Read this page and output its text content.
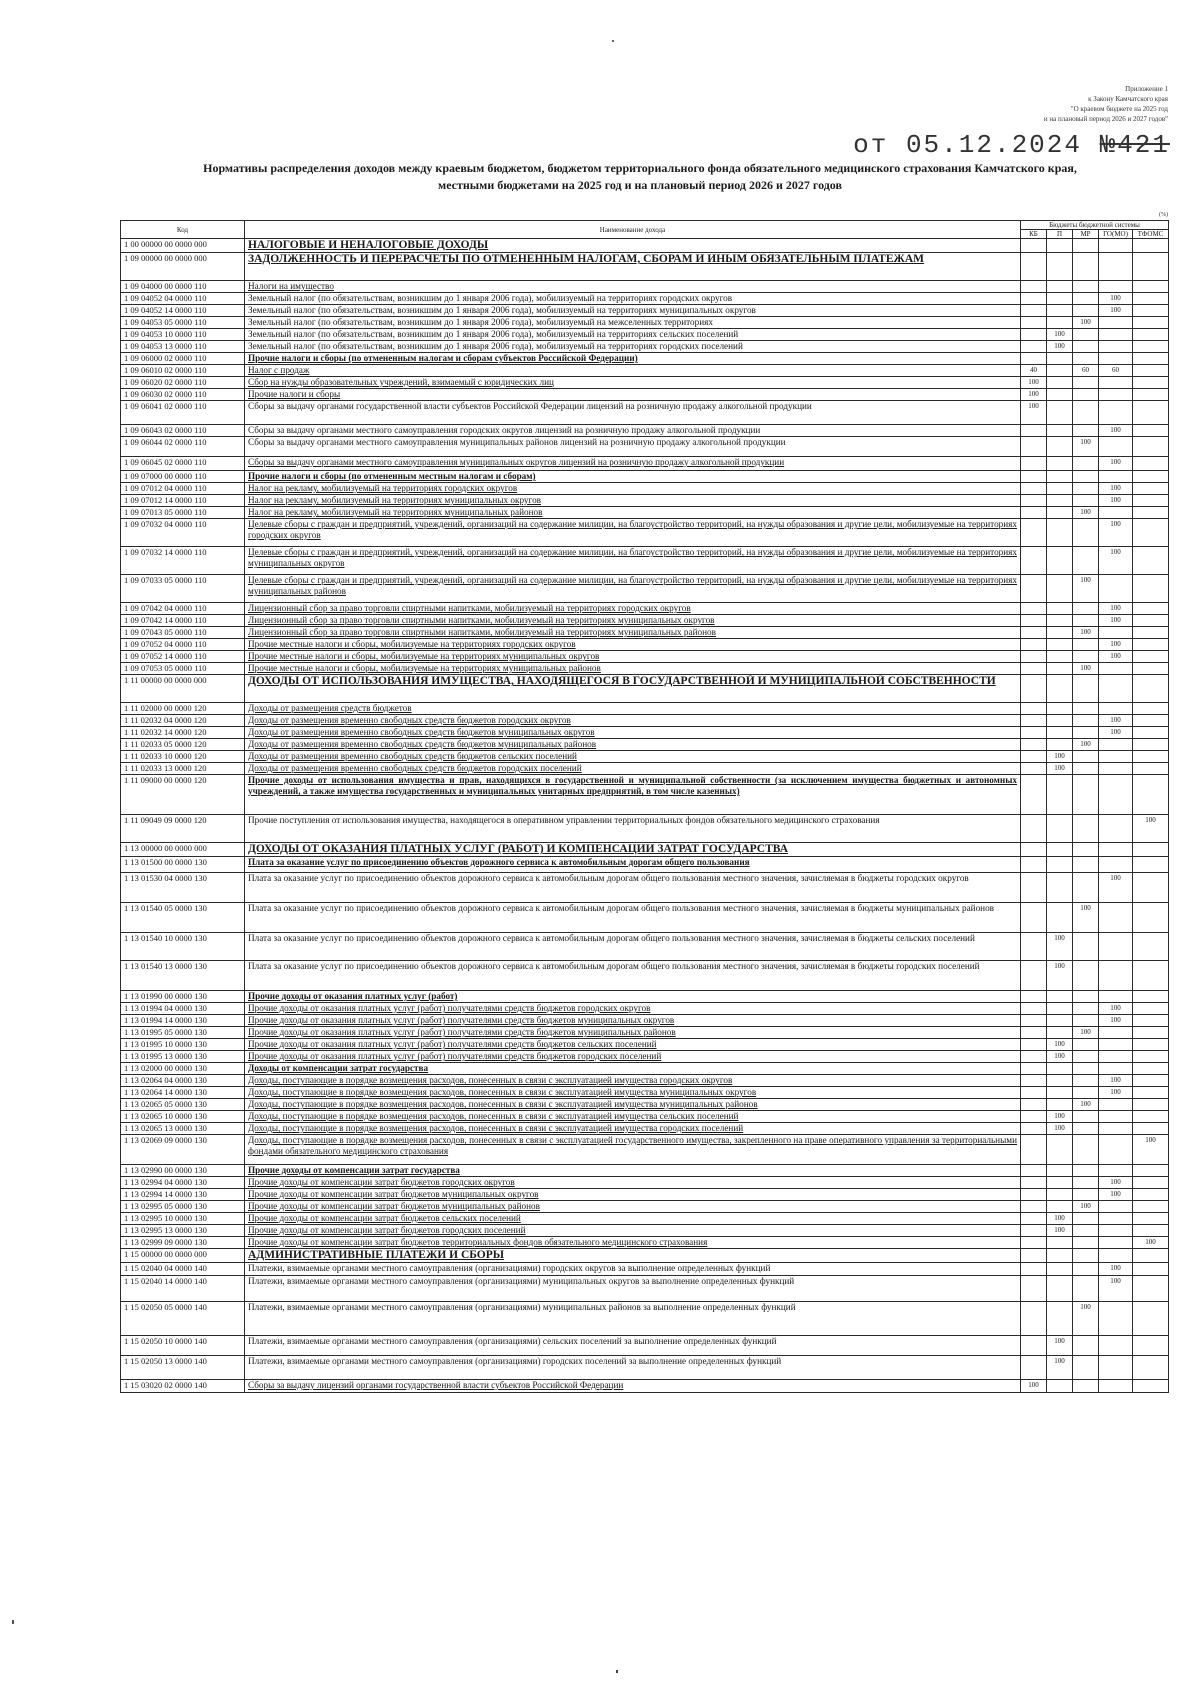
Приложение 1
к Закону Камчатского края
"О краевом бюджете на 2025 год
и на плановый период 2026 и 2027 годов"
от 05.12.2024 №421
Нормативы распределения доходов между краевым бюджетом, бюджетом территориального фонда обязательного медицинского страхования Камчатского края,
местными бюджетами на 2025 год и на плановый период 2026 и 2027 годов
(%)
Код	Наименование дохода	Бюджеты бюджетной системы				
		КБ	П	МР	ГО(МО)	ТФОМС
1 00 00000 00 0000 000	НАЛОГОВЫЕ И НЕНАЛОГОВЫЕ ДОХОДЫ					
1 09 00000 00 0000 000	ЗАДОЛЖЕННОСТЬ И ПЕРЕРАСЧЕТЫ ПО ОТМЕНЕННЫМ НАЛОГАМ, СБОРАМ И ИНЫМ ОБЯЗАТЕЛЬНЫМ ПЛАТЕЖАМ					
1 09 04000 00 0000 110	Налоги на имущество					
1 09 04052 04 0000 110	Земельный налог (по обязательствам, возникшим до 1 января 2006 года), мобилизуемый на территориях городских округов				100	
1 09 04052 14 0000 110	Земельный налог (по обязательствам, возникшим до 1 января 2006 года), мобилизуемый на территориях муниципальных округов				100	
1 09 04053 05 0000 110	Земельный налог (по обязательствам, возникшим до 1 января 2006 года), мобилизуемый на межселенных территориях			100		
1 09 04053 10 0000 110	Земельный налог (по обязательствам, возникшим до 1 января 2006 года), мобилизуемый на территориях сельских поселений		100			
1 09 04053 13 0000 110	Земельный налог (по обязательствам, возникшим до 1 января 2006 года), мобилизуемый на территориях городских поселений		100			
1 09 06000 02 0000 110	Прочие налоги и сборы (по отмененным налогам и сборам субъектов Российской Федерации)					
1 09 06010 02 0000 110	Налог с продаж	40		60	60	
1 09 06020 02 0000 110	Сбор на нужды образовательных учреждений, взимаемый с юридических лиц	100				
1 09 06030 02 0000 110	Прочие налоги и сборы	100				
1 09 06041 02 0000 110	Сборы за выдачу органами государственной власти субъектов Российской Федерации лицензий на розничную продажу алкогольной продукции	100				
1 09 06043 02 0000 110	Сборы за выдачу органами местного самоуправления городских округов лицензий на розничную продажу алкогольной продукции				100	
1 09 06044 02 0000 110	Сборы за выдачу органами местного самоуправления муниципальных районов лицензий на розничную продажу алкогольной продукции			100		
1 09 06045 02 0000 110	Сборы за выдачу органами местного самоуправления муниципальных округов лицензий на розничную продажу алкогольной продукции				100	
1 09 07000 00 0000 110	Прочие налоги и сборы (по отмененным местным налогам и сборам)					
1 09 07012 04 0000 110	Налог на рекламу, мобилизуемый на территориях городских округов				100	
1 09 07012 14 0000 110	Налог на рекламу, мобилизуемый на территориях муниципальных округов				100	
1 09 07013 05 0000 110	Налог на рекламу, мобилизуемый на территориях муниципальных районов			100		
1 09 07032 04 0000 110	Целевые сборы с граждан и предприятий, учреждений, организаций на содержание милиции, на благоустройство территорий, на нужды образования и другие цели, мобилизуемые на территориях городских округов				100	
1 09 07032 14 0000 110	Целевые сборы с граждан и предприятий, учреждений, организаций на содержание милиции, на благоустройство территорий, на нужды образования и другие цели, мобилизуемые на территориях муниципальных округов				100	
1 09 07033 05 0000 110	Целевые сборы с граждан и предприятий, учреждений, организаций на содержание милиции, на благоустройство территорий, на нужды образования и другие цели, мобилизуемые на территориях муниципальных районов			100		
1 09 07042 04 0000 110	Лицензионный сбор за право торговли спиртными напитками, мобилизуемый на территориях городских округов				100	
1 09 07042 14 0000 110	Лицензионный сбор за право торговли спиртными напитками, мобилизуемый на территориях муниципальных округов				100	
1 09 07043 05 0000 110	Лицензионный сбор за право торговли спиртными напитками, мобилизуемый на территориях муниципальных районов			100		
1 09 07052 04 0000 110	Прочие местные налоги и сборы, мобилизуемые на территориях городских округов				100	
1 09 07052 14 0000 110	Прочие местные налоги и сборы, мобилизуемые на территориях муниципальных округов				100	
1 09 07053 05 0000 110	Прочие местные налоги и сборы, мобилизуемые на территориях муниципальных районов			100		
1 11 00000 00 0000 000	ДОХОДЫ ОТ ИСПОЛЬЗОВАНИЯ ИМУЩЕСТВА, НАХОДЯЩЕГОСЯ В ГОСУДАРСТВЕННОЙ И МУНИЦИПАЛЬНОЙ СОБСТВЕННОСТИ					
1 11 02000 00 0000 120	Доходы от размещения средств бюджетов					
1 11 02032 04 0000 120	Доходы от размещения временно свободных средств бюджетов городских округов				100	
1 11 02032 14 0000 120	Доходы от размещения временно свободных средств бюджетов муниципальных округов				100	
1 11 02033 05 0000 120	Доходы от размещения временно свободных средств бюджетов муниципальных районов			100		
1 11 02033 10 0000 120	Доходы от размещения временно свободных средств бюджетов сельских поселений		100			
1 11 02033 13 0000 120	Доходы от размещения временно свободных средств бюджетов городских поселений		100			
1 11 09000 00 0000 120	Прочие доходы от использования имущества и прав, находящихся в государственной и муниципальной собственности (за исключением имущества бюджетных и автономных учреждений, а также имущества государственных и муниципальных унитарных предприятий, в том числе казенных)					
1 11 09049 09 0000 120	Прочие поступления от использования имущества, находящегося в оперативном управлении территориальных фондов обязательного медицинского страхования					100
1 13 00000 00 0000 000	ДОХОДЫ ОТ ОКАЗАНИЯ ПЛАТНЫХ УСЛУГ (РАБОТ) И КОМПЕНСАЦИИ ЗАТРАТ ГОСУДАРСТВА					
1 13 01500 00 0000 130	Плата за оказание услуг по присоединению объектов дорожного сервиса к автомобильным дорогам общего пользования					
1 13 01530 04 0000 130	Плата за оказание услуг по присоединению объектов дорожного сервиса к автомобильным дорогам общего пользования местного значения, зачисляемая в бюджеты городских округов				100	
1 13 01540 05 0000 130	Плата за оказание услуг по присоединению объектов дорожного сервиса к автомобильным дорогам общего пользования местного значения, зачисляемая в бюджеты муниципальных районов			100		
1 13 01540 10 0000 130	Плата за оказание услуг по присоединению объектов дорожного сервиса к автомобильным дорогам общего пользования местного значения, зачисляемая в бюджеты сельских поселений		100			
1 13 01540 13 0000 130	Плата за оказание услуг по присоединению объектов дорожного сервиса к автомобильным дорогам общего пользования местного значения, зачисляемая в бюджеты городских поселений		100			
1 13 01990 00 0000 130	Прочие доходы от оказания платных услуг (работ)					
1 13 01994 04 0000 130	Прочие доходы от оказания платных услуг (работ) получателями средств бюджетов городских округов				100	
1 13 01994 14 0000 130	Прочие доходы от оказания платных услуг (работ) получателями средств бюджетов муниципальных округов				100	
1 13 01995 05 0000 130	Прочие доходы от оказания платных услуг (работ) получателями средств бюджетов муниципальных районов			100		
1 13 01995 10 0000 130	Прочие доходы от оказания платных услуг (работ) получателями средств бюджетов сельских поселений		100			
1 13 01995 13 0000 130	Прочие доходы от оказания платных услуг (работ) получателями средств бюджетов городских поселений		100			
1 13 02000 00 0000 130	Доходы от компенсации затрат государства					
1 13 02064 04 0000 130	Доходы, поступающие в порядке возмещения расходов, понесенных в связи с эксплуатацией имущества городских округов				100	
1 13 02064 14 0000 130	Доходы, поступающие в порядке возмещения расходов, понесенных в связи с эксплуатацией имущества муниципальных округов				100	
1 13 02065 05 0000 130	Доходы, поступающие в порядке возмещения расходов, понесенных в связи с эксплуатацией имущества муниципальных районов			100		
1 13 02065 10 0000 130	Доходы, поступающие в порядке возмещения расходов, понесенных в связи с эксплуатацией имущества сельских поселений		100			
1 13 02065 13 0000 130	Доходы, поступающие в порядке возмещения расходов, понесенных в связи с эксплуатацией имущества городских поселений		100			
1 13 02069 09 0000 130	Доходы, поступающие в порядке возмещения расходов, понесенных в связи с эксплуатацией государственного имущества, закрепленного на праве оперативного управления за территориальными фондами обязательного медицинского страхования					100
1 13 02990 00 0000 130	Прочие доходы от компенсации затрат государства					
1 13 02994 04 0000 130	Прочие доходы от компенсации затрат бюджетов городских округов				100	
1 13 02994 14 0000 130	Прочие доходы от компенсации затрат бюджетов муниципальных округов				100	
1 13 02995 05 0000 130	Прочие доходы от компенсации затрат бюджетов муниципальных районов			100		
1 13 02995 10 0000 130	Прочие доходы от компенсации затрат бюджетов сельских поселений		100			
1 13 02995 13 0000 130	Прочие доходы от компенсации затрат бюджетов городских поселений		100			
1 13 02999 09 0000 130	Прочие доходы от компенсации затрат бюджетов территориальных фондов обязательного медицинского страхования					100
1 15 00000 00 0000 000	АДМИНИСТРАТИВНЫЕ ПЛАТЕЖИ И СБОРЫ					
1 15 02040 04 0000 140	Платежи, взимаемые органами местного самоуправления (организациями) городских округов за выполнение определенных функций				100	
1 15 02040 14 0000 140	Платежи, взимаемые органами местного самоуправления (организациями) муниципальных округов за выполнение определенных функций				100	
1 15 02050 05 0000 140	Платежи, взимаемые органами местного самоуправления (организациями) муниципальных районов за выполнение определенных функций			100		
1 15 02050 10 0000 140	Платежи, взимаемые органами местного самоуправления (организациями) сельских поселений за выполнение определенных функций		100			
1 15 02050 13 0000 140	Платежи, взимаемые органами местного самоуправления (организациями) городских поселений за выполнение определенных функций		100			
1 15 03020 02 0000 140	Сборы за выдачу лицензий органами государственной власти субъектов Российской Федерации	100				
